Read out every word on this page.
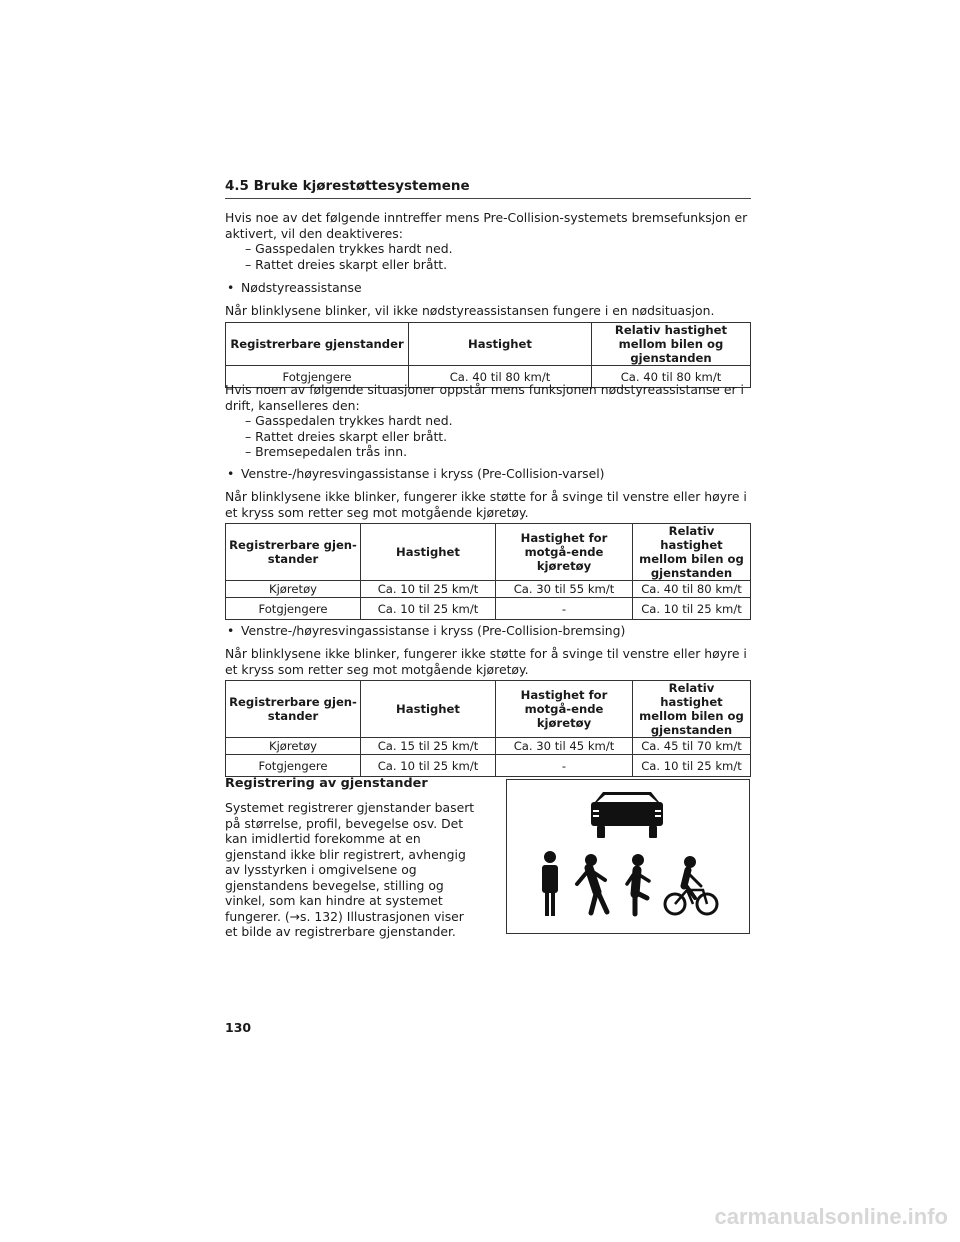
4.5 Bruke kjørestøttesystemene
Hvis noe av det følgende inntreffer mens Pre-Collision-systemets bremsefunksjon er aktivert, vil den deaktiveres:
– Gasspedalen trykkes hardt ned.
– Rattet dreies skarpt eller brått.
• Nødstyreassistanse
Når blinklysene blinker, vil ikke nødstyreassistansen fungere i en nødsituasjon.
Registrerbare gjenstander	Hastighet	Relativ hastighet mellom bilen og gjenstanden
Fotgjengere	Ca. 40 til 80 km/t	Ca. 40 til 80 km/t
Hvis noen av følgende situasjoner oppstår mens funksjonen nødstyreassistanse er i drift, kanselleres den:
– Gasspedalen trykkes hardt ned.
– Rattet dreies skarpt eller brått.
– Bremsepedalen trås inn.
• Venstre-/høyresvingassistanse i kryss (Pre-Collision-varsel)
Når blinklysene ikke blinker, fungerer ikke støtte for å svinge til venstre eller høyre i et kryss som retter seg mot motgående kjøretøy.
Registrerbare gjen-stander	Hastighet	Hastighet for motgå-ende kjøretøy	Relativ hastighet mellom bilen og gjenstanden
Kjøretøy	Ca. 10 til 25 km/t	Ca. 30 til 55 km/t	Ca. 40 til 80 km/t
Fotgjengere	Ca. 10 til 25 km/t	-	Ca. 10 til 25 km/t
• Venstre-/høyresvingassistanse i kryss (Pre-Collision-bremsing)
Når blinklysene ikke blinker, fungerer ikke støtte for å svinge til venstre eller høyre i et kryss som retter seg mot motgående kjøretøy.
Registrerbare gjen-stander	Hastighet	Hastighet for motgå-ende kjøretøy	Relativ hastighet mellom bilen og gjenstanden
Kjøretøy	Ca. 15 til 25 km/t	Ca. 30 til 45 km/t	Ca. 45 til 70 km/t
Fotgjengere	Ca. 10 til 25 km/t	-	Ca. 10 til 25 km/t
Registrering av gjenstander
Systemet registrerer gjenstander basert på størrelse, profil, bevegelse osv. Det kan imidlertid forekomme at en gjenstand ikke blir registrert, avhengig av lysstyrken i omgivelsene og gjenstandens bevegelse, stilling og vinkel, som kan hindre at systemet fungerer. (→s. 132) Illustrasjonen viser et bilde av registrerbare gjenstander.
130
carmanualsonline.info
